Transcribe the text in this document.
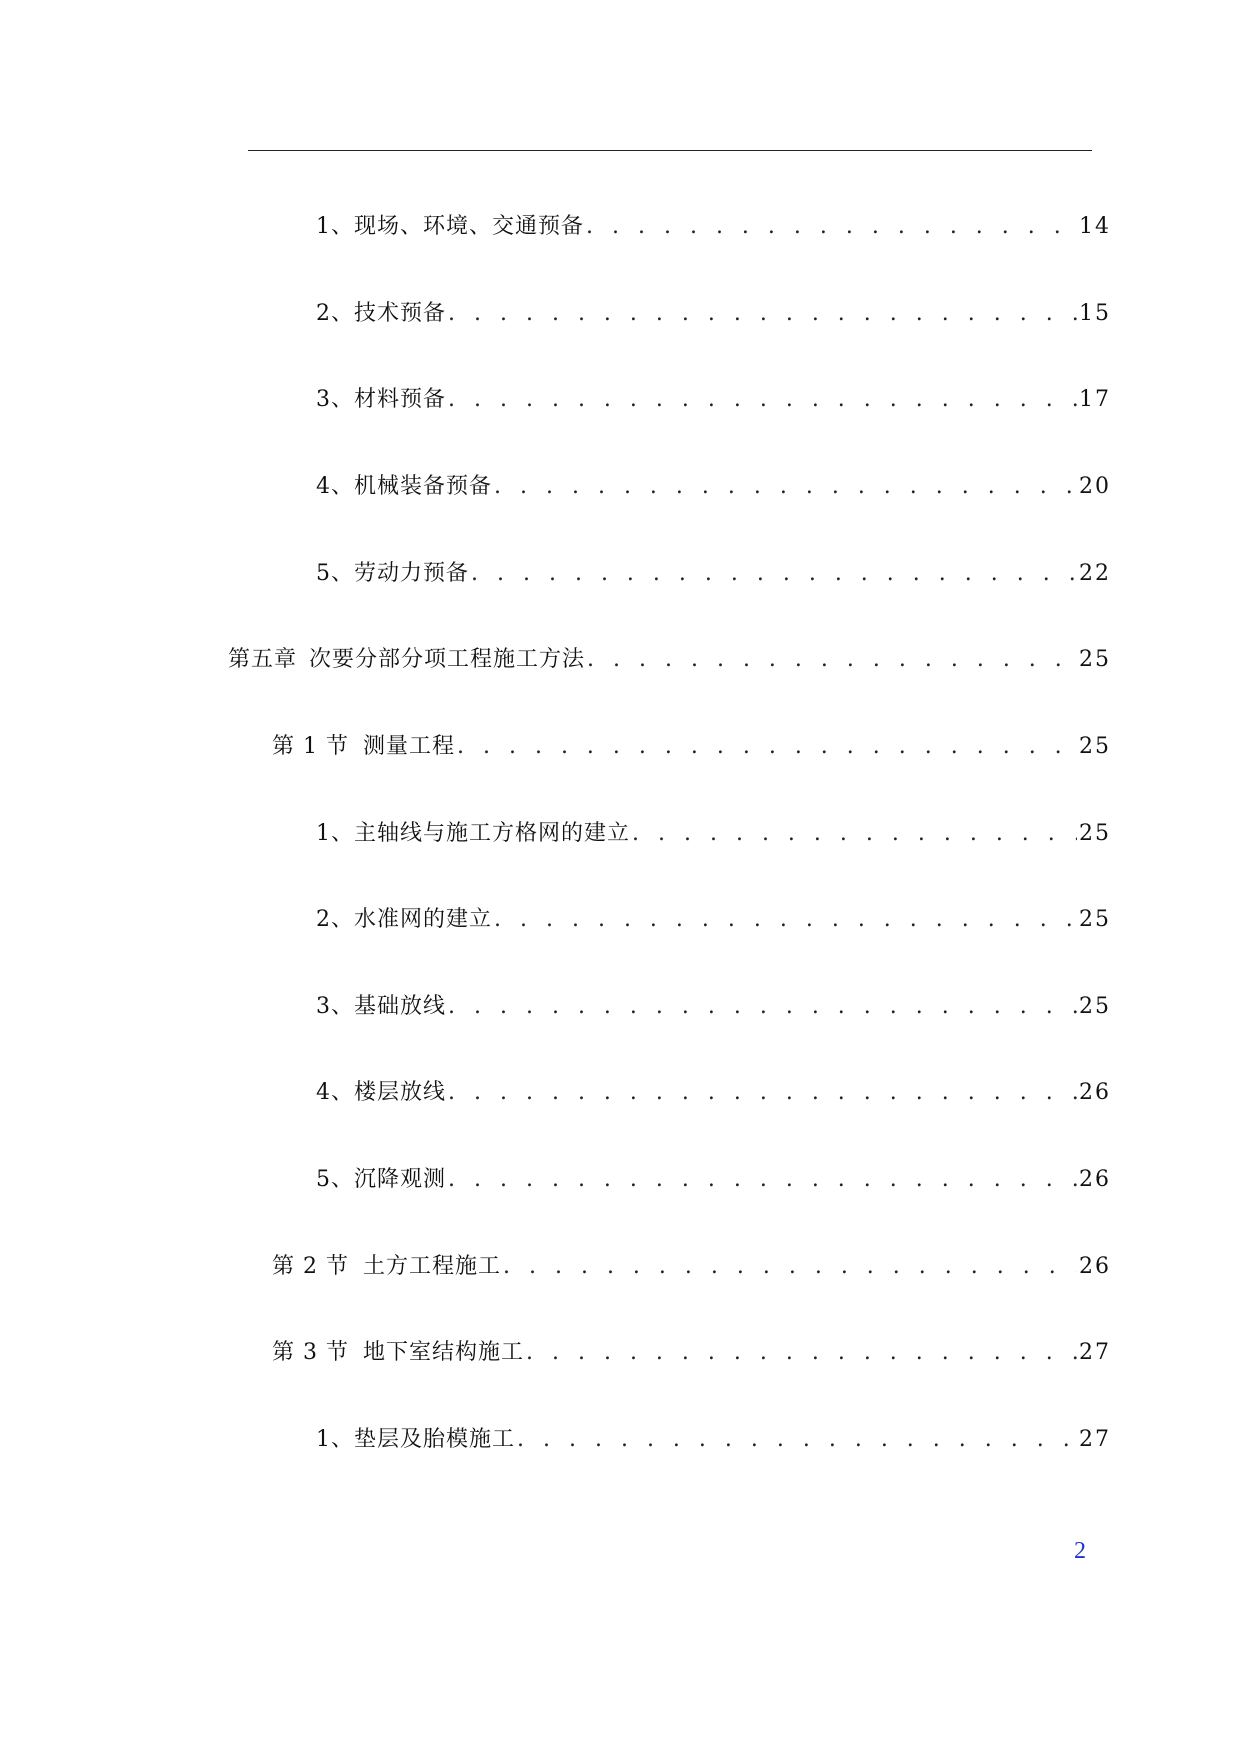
1、 现场、环境、交通预备 . . .	14
2、 技术预备 . . .	15
3、 材料预备 . . .	17
4、 机械装备预备 . . .	20
5、 劳动力预备 . . .	22
第五章 次要分部分项工程施工方法 . . .	25
第 1 节 测量工程 . . .	25
1、 主轴线与施工方格网的建立 . . .	25
2、 水准网的建立 . . .	25
3、 基础放线 . . .	25
4、 楼层放线 . . .	26
5、 沉降观测 . . .	26
第 2 节 土方工程施工 . . .	26
第 3 节 地下室结构施工 . . .	27
1、 垫层及胎模施工 . . .	27
2
